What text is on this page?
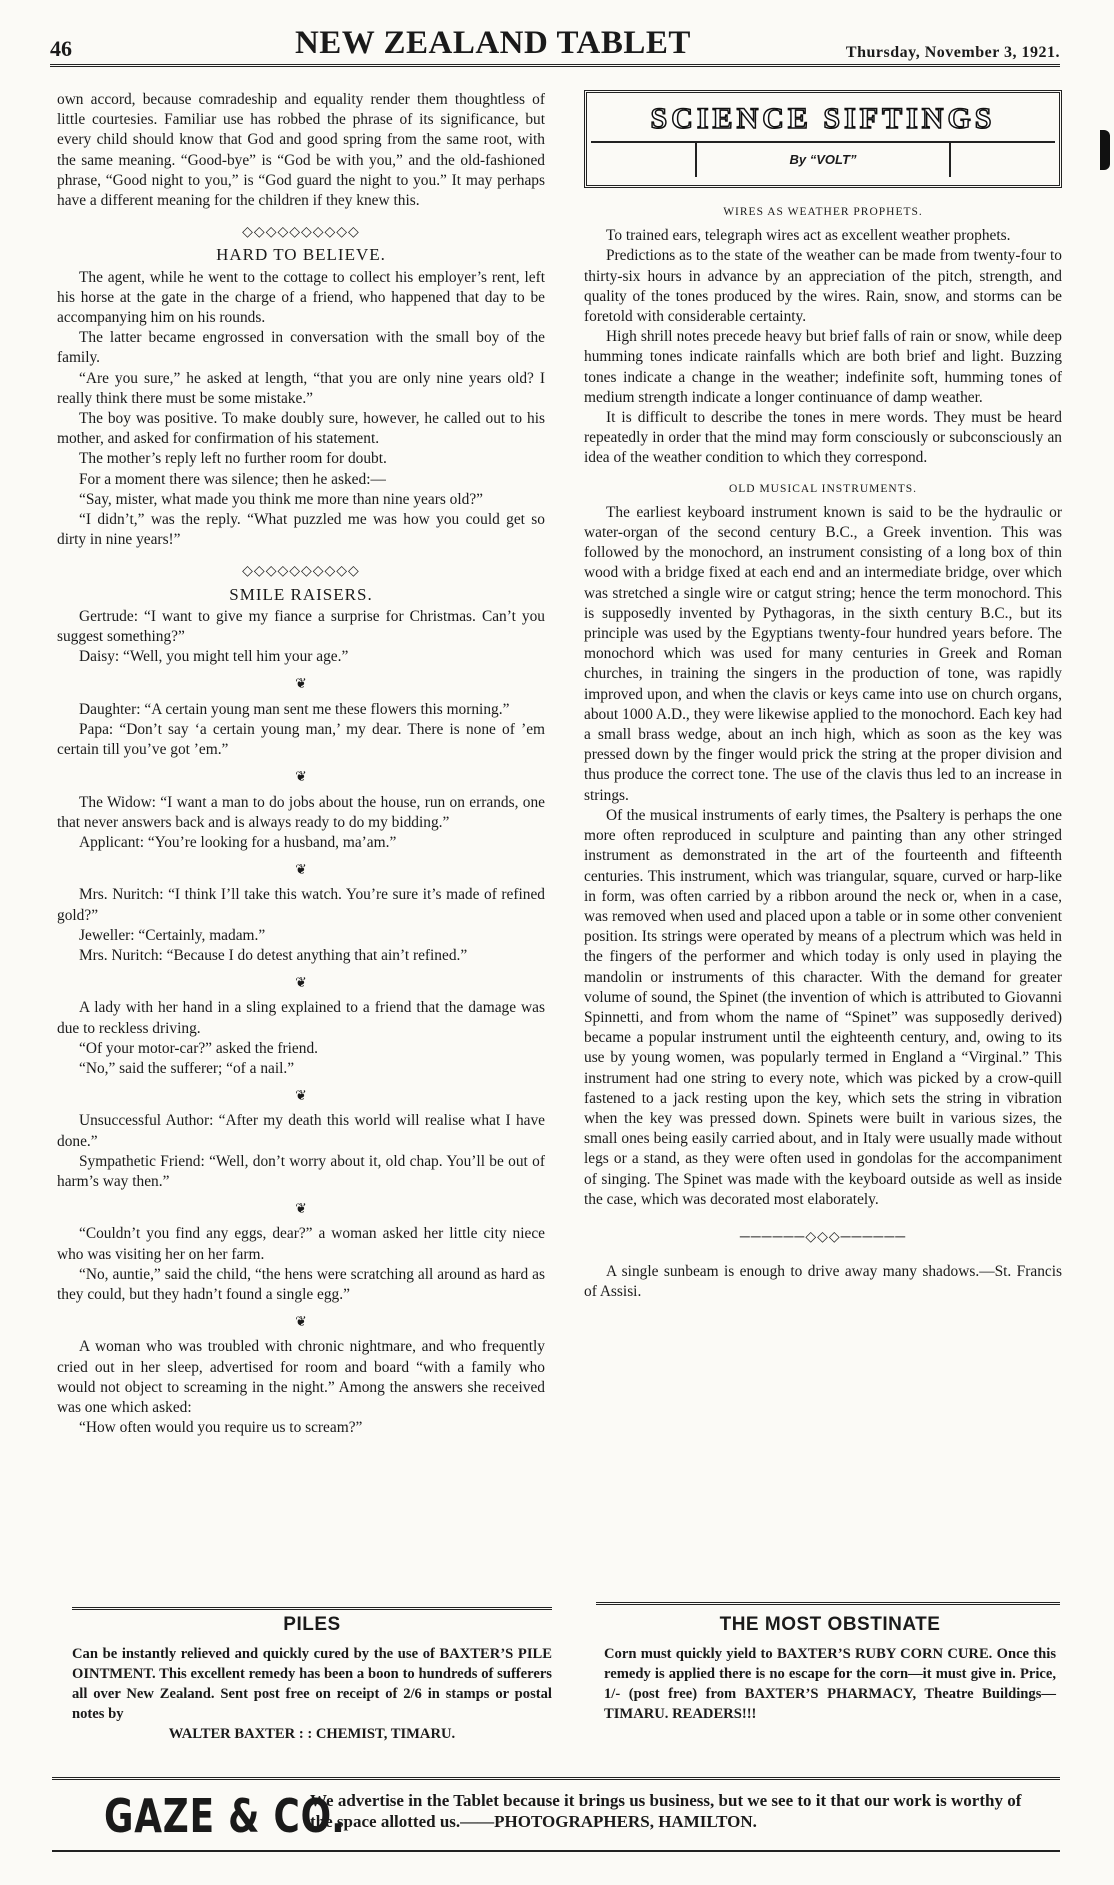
46	NEW ZEALAND TABLET	Thursday, November 3, 1921.

own accord, because comradeship and equality render them thoughtless of little courtesies. Familiar use has robbed the phrase of its significance, but every child should know that God and good spring from the same root, with the same meaning. “Good-bye” is “God be with you,” and the old-fashioned phrase, “Good night to you,” is “God guard the night to you.” It may perhaps have a different meaning for the children if they knew this.

◇◇◇◇◇◇◇◇◇◇
HARD TO BELIEVE.

The agent, while he went to the cottage to collect his employer’s rent, left his horse at the gate in the charge of a friend, who happened that day to be accompanying him on his rounds.

The latter became engrossed in conversation with the small boy of the family.

“Are you sure,” he asked at length, “that you are only nine years old? I really think there must be some mistake.”

The boy was positive. To make doubly sure, however, he called out to his mother, and asked for confirmation of his statement.

The mother’s reply left no further room for doubt.

For a moment there was silence; then he asked:—

“Say, mister, what made you think me more than nine years old?”

“I didn’t,” was the reply. “What puzzled me was how you could get so dirty in nine years!”

◇◇◇◇◇◇◇◇◇◇
SMILE RAISERS.

Gertrude: “I want to give my fiance a surprise for Christmas. Can’t you suggest something?”

Daisy: “Well, you might tell him your age.”

❦

Daughter: “A certain young man sent me these flowers this morning.”

Papa: “Don’t say ‘a certain young man,’ my dear. There is none of ’em certain till you’ve got ’em.”

❦

The Widow: “I want a man to do jobs about the house, run on errands, one that never answers back and is always ready to do my bidding.”

Applicant: “You’re looking for a husband, ma’am.”

❦

Mrs. Nuritch: “I think I’ll take this watch. You’re sure it’s made of refined gold?”

Jeweller: “Certainly, madam.”

Mrs. Nuritch: “Because I do detest anything that ain’t refined.”

❦

A lady with her hand in a sling explained to a friend that the damage was due to reckless driving.

“Of your motor-car?” asked the friend.

“No,” said the sufferer; “of a nail.”

❦

Unsuccessful Author: “After my death this world will realise what I have done.”

Sympathetic Friend: “Well, don’t worry about it, old chap. You’ll be out of harm’s way then.”

❦

“Couldn’t you find any eggs, dear?” a woman asked her little city niece who was visiting her on her farm.

“No, auntie,” said the child, “the hens were scratching all around as hard as they could, but they hadn’t found a single egg.”

❦

A woman who was troubled with chronic nightmare, and who frequently cried out in her sleep, advertised for room and board “with a family who would not object to screaming in the night.” Among the answers she received was one which asked:

“How often would you require us to scream?”

SCIENCE SIFTINGS
By “VOLT”
WIRES AS WEATHER PROPHETS.

To trained ears, telegraph wires act as excellent weather prophets.

Predictions as to the state of the weather can be made from twenty-four to thirty-six hours in advance by an appreciation of the pitch, strength, and quality of the tones produced by the wires. Rain, snow, and storms can be foretold with considerable certainty.

High shrill notes precede heavy but brief falls of rain or snow, while deep humming tones indicate rainfalls which are both brief and light. Buzzing tones indicate a change in the weather; indefinite soft, humming tones of medium strength indicate a longer continuance of damp weather.

It is difficult to describe the tones in mere words. They must be heard repeatedly in order that the mind may form consciously or subconsciously an idea of the weather condition to which they correspond.

OLD MUSICAL INSTRUMENTS.

The earliest keyboard instrument known is said to be the hydraulic or water-organ of the second century B.C., a Greek invention. This was followed by the monochord, an instrument consisting of a long box of thin wood with a bridge fixed at each end and an intermediate bridge, over which was stretched a single wire or catgut string; hence the term monochord. This is supposedly invented by Pythagoras, in the sixth century B.C., but its principle was used by the Egyptians twenty-four hundred years before. The monochord which was used for many centuries in Greek and Roman churches, in training the singers in the production of tone, was rapidly improved upon, and when the clavis or keys came into use on church organs, about 1000 A.D., they were likewise applied to the monochord. Each key had a small brass wedge, about an inch high, which as soon as the key was pressed down by the finger would prick the string at the proper division and thus produce the correct tone. The use of the clavis thus led to an increase in strings.

Of the musical instruments of early times, the Psaltery is perhaps the one more often reproduced in sculpture and painting than any other stringed instrument as demonstrated in the art of the fourteenth and fifteenth centuries. This instrument, which was triangular, square, curved or harp-like in form, was often carried by a ribbon around the neck or, when in a case, was removed when used and placed upon a table or in some other convenient position. Its strings were operated by means of a plectrum which was held in the fingers of the performer and which today is only used in playing the mandolin or instruments of this character. With the demand for greater volume of sound, the Spinet (the invention of which is attributed to Giovanni Spinnetti, and from whom the name of “Spinet” was supposedly derived) became a popular instrument until the eighteenth century, and, owing to its use by young women, was popularly termed in England a “Virginal.” This instrument had one string to every note, which was picked by a crow-quill fastened to a jack resting upon the key, which sets the string in vibration when the key was pressed down. Spinets were built in various sizes, the small ones being easily carried about, and in Italy were usually made without legs or a stand, as they were often used in gondolas for the accompaniment of singing. The Spinet was made with the keyboard outside as well as inside the case, which was decorated most elaborately.

──────◇◇◇──────

A single sunbeam is enough to drive away many shadows.—St. Francis of Assisi.

PILES
Can be instantly relieved and quickly cured by the use of BAXTER’S PILE OINTMENT. This excellent remedy has been a boon to hundreds of sufferers all over New Zealand. Sent post free on receipt of 2/6 in stamps or postal notes by
WALTER BAXTER : : CHEMIST, TIMARU.
THE MOST OBSTINATE
Corn must quickly yield to BAXTER’S RUBY CORN CURE. Once this remedy is applied there is no escape for the corn—it must give in. Price, 1/- (post free) from BAXTER’S PHARMACY, Theatre Buildings—TIMARU. READERS!!!
GAZE & CO.
We advertise in the Tablet because it brings us business, but we see to it that our work is worthy of the space allotted us.——PHOTOGRAPHERS, HAMILTON.
